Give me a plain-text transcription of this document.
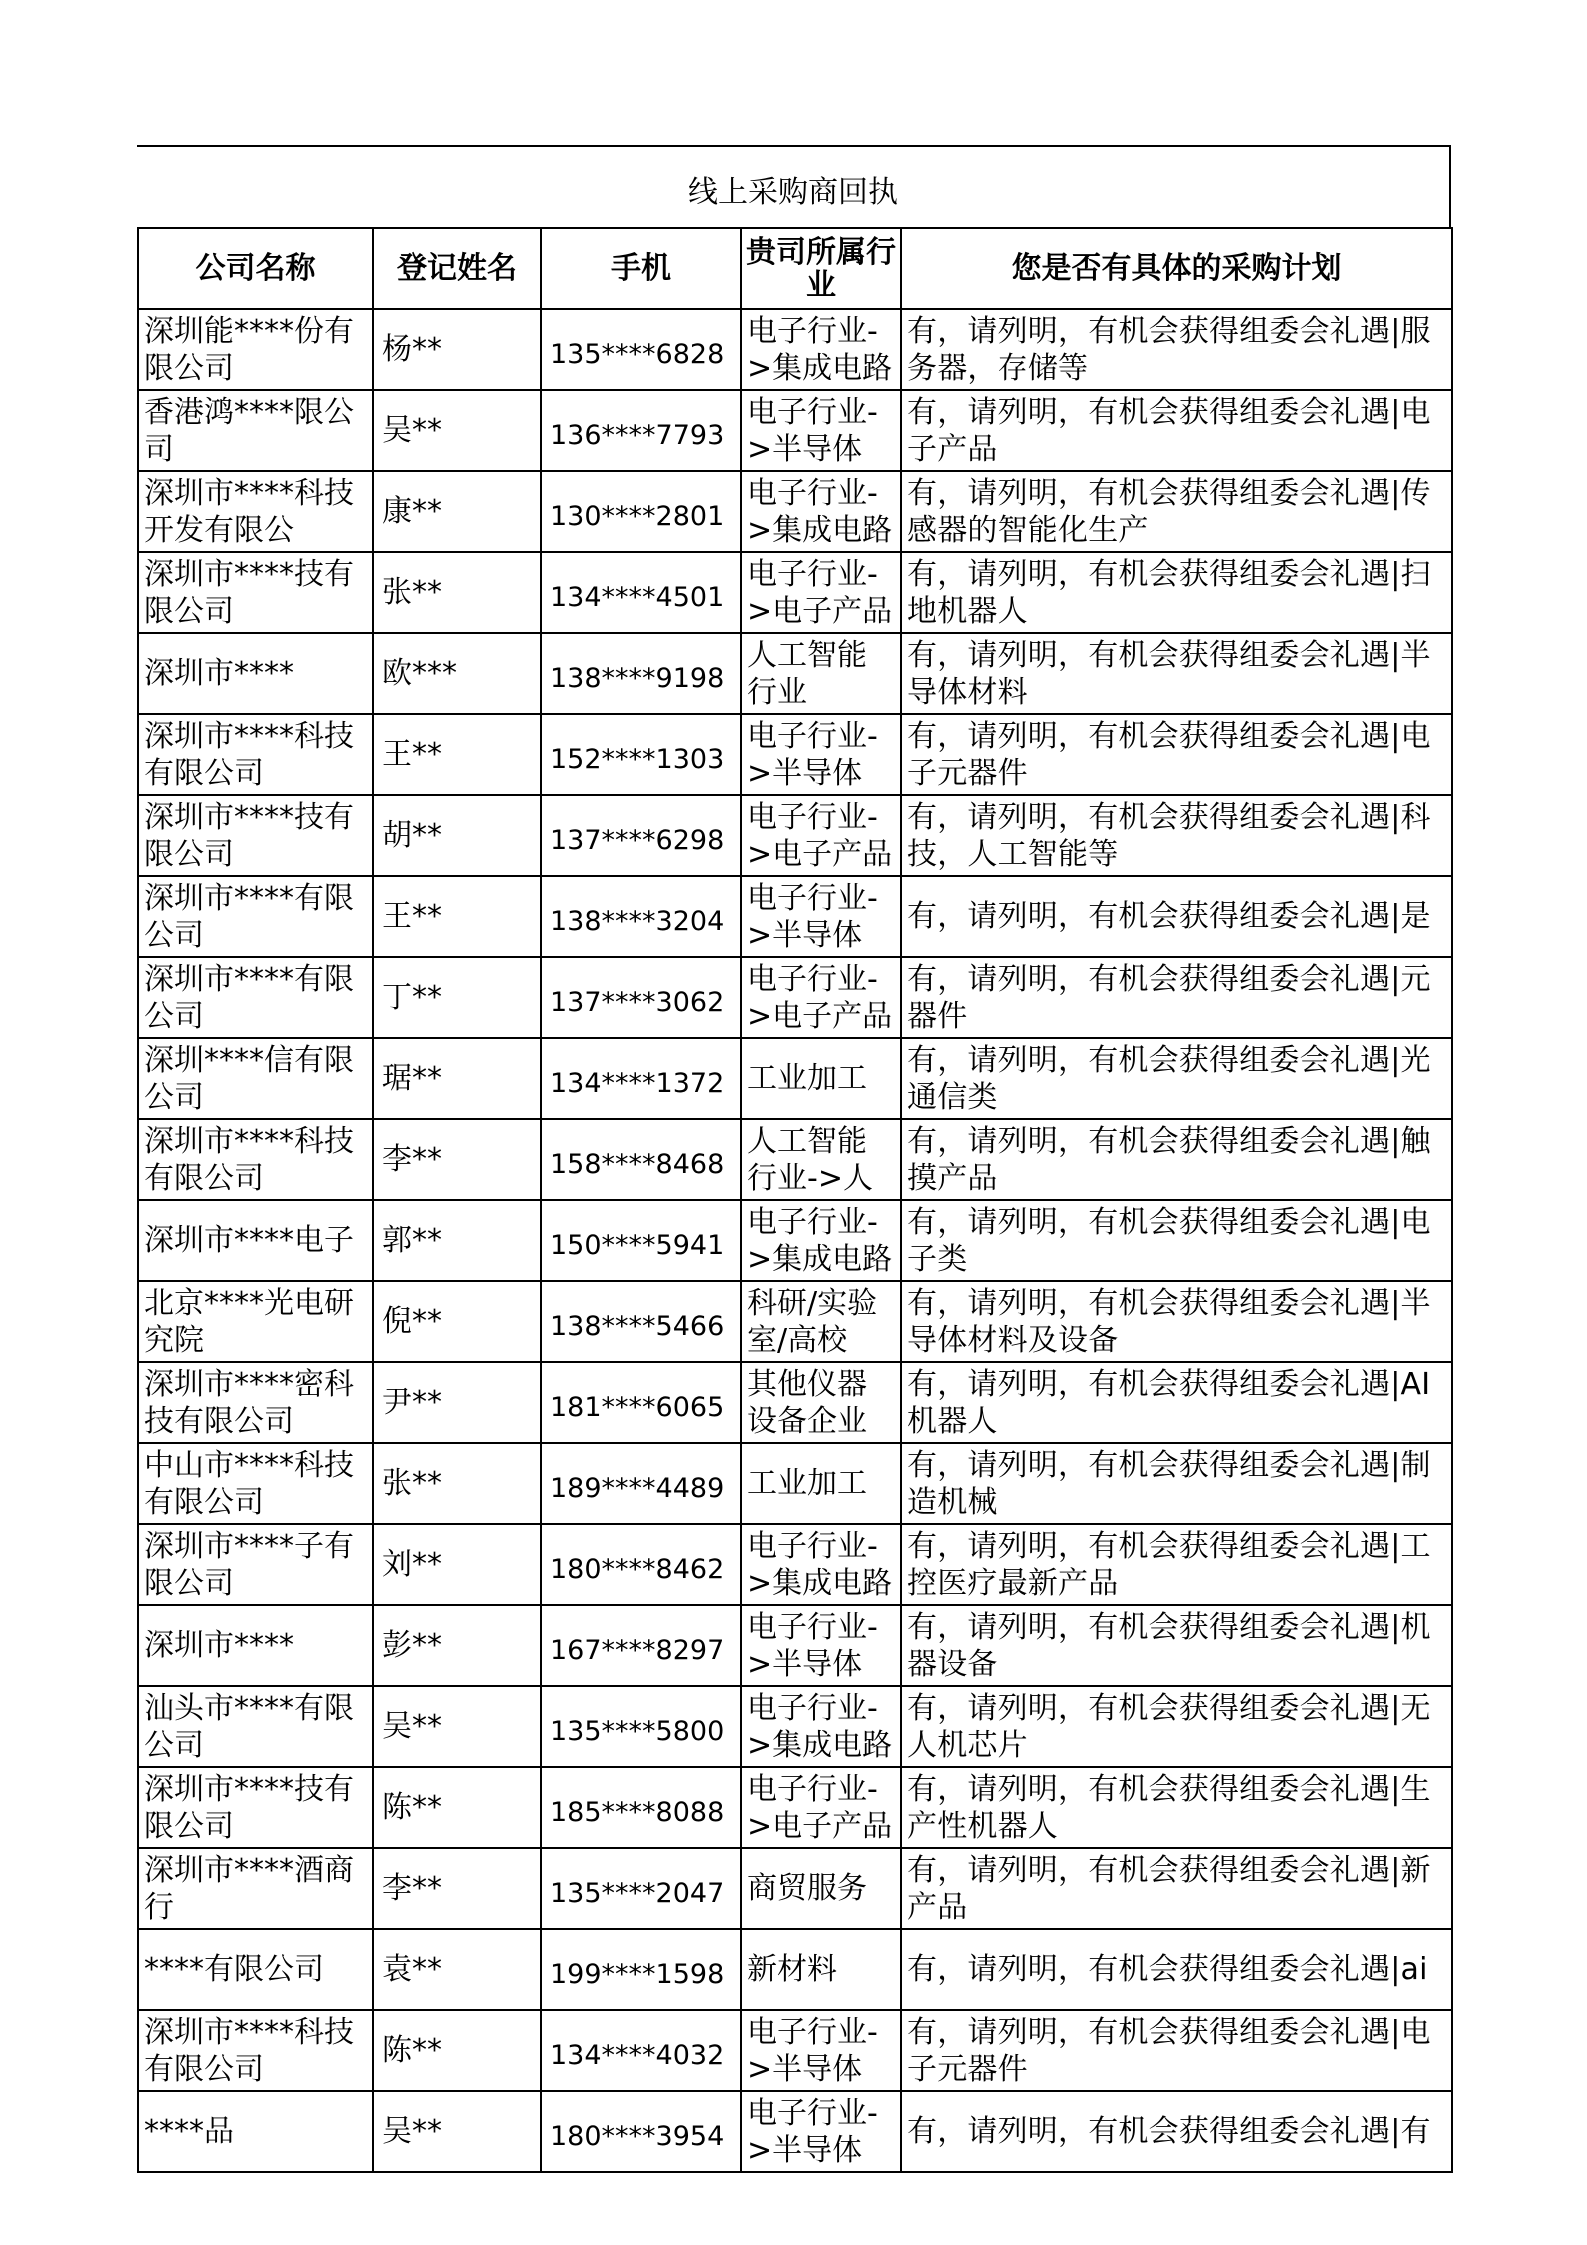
线上采购商回执
公司名称	登记姓名	手机	贵司所属行业	您是否有具体的采购计划
深圳能****份有限公司	杨**	135****6828	电子行业->集成电路	有，请列明，有机会获得组委会礼遇|服务器，存储等
香港鸿****限公司	吴**	136****7793	电子行业->半导体	有，请列明，有机会获得组委会礼遇|电子产品
深圳市****科技开发有限公	康**	130****2801	电子行业->集成电路	有，请列明，有机会获得组委会礼遇|传感器的智能化生产
深圳市****技有限公司	张**	134****4501	电子行业->电子产品	有，请列明，有机会获得组委会礼遇|扫地机器人
深圳市****	欧***	138****9198	人工智能行业	有，请列明，有机会获得组委会礼遇|半导体材料
深圳市****科技有限公司	王**	152****1303	电子行业->半导体	有，请列明，有机会获得组委会礼遇|电子元器件
深圳市****技有限公司	胡**	137****6298	电子行业->电子产品	有，请列明，有机会获得组委会礼遇|科技，人工智能等
深圳市****有限公司	王**	138****3204	电子行业->半导体	有，请列明，有机会获得组委会礼遇|是
深圳市****有限公司	丁**	137****3062	电子行业->电子产品	有，请列明，有机会获得组委会礼遇|元器件
深圳****信有限公司	琚**	134****1372	工业加工	有，请列明，有机会获得组委会礼遇|光通信类
深圳市****科技有限公司	李**	158****8468	人工智能行业->人	有，请列明，有机会获得组委会礼遇|触摸产品
深圳市****电子	郭**	150****5941	电子行业->集成电路	有，请列明，有机会获得组委会礼遇|电子类
北京****光电研究院	倪**	138****5466	科研/实验室/高校	有，请列明，有机会获得组委会礼遇|半导体材料及设备
深圳市****密科技有限公司	尹**	181****6065	其他仪器设备企业	有，请列明，有机会获得组委会礼遇|AI机器人
中山市****科技有限公司	张**	189****4489	工业加工	有，请列明，有机会获得组委会礼遇|制造机械
深圳市****子有限公司	刘**	180****8462	电子行业->集成电路	有，请列明，有机会获得组委会礼遇|工控医疗最新产品
深圳市****	彭**	167****8297	电子行业->半导体	有，请列明，有机会获得组委会礼遇|机器设备
汕头市****有限公司	吴**	135****5800	电子行业->集成电路	有，请列明，有机会获得组委会礼遇|无人机芯片
深圳市****技有限公司	陈**	185****8088	电子行业->电子产品	有，请列明，有机会获得组委会礼遇|生产性机器人
深圳市****酒商行	李**	135****2047	商贸服务	有，请列明，有机会获得组委会礼遇|新产品
****有限公司	袁**	199****1598	新材料	有，请列明，有机会获得组委会礼遇|ai
深圳市****科技有限公司	陈**	134****4032	电子行业->半导体	有，请列明，有机会获得组委会礼遇|电子元器件
****品	吴**	180****3954	电子行业->半导体	有，请列明，有机会获得组委会礼遇|有
